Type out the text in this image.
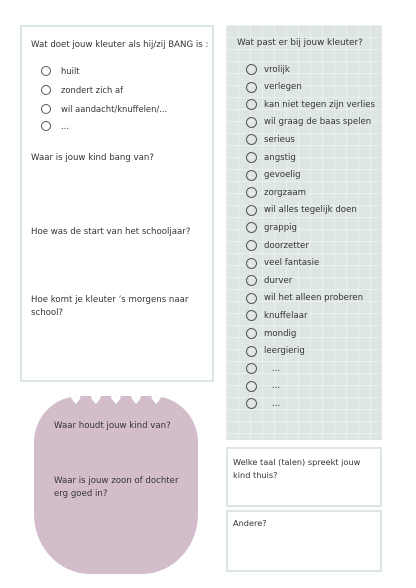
Wat doet jouw kleuter als hij/zij BANG is :
huilt
zondert zich af
wil aandacht/knuffelen/...
...
Waar is jouw kind bang van?
Hoe was de start van het schooljaar?
Hoe komt je kleuter ’s morgens naar
school?
Wat past er bij jouw kleuter?
vrolijk
verlegen
kan niet tegen zijn verlies
wil graag de baas spelen
serieus
angstig
gevoelig
zorgzaam
wil alles tegelijk doen
grappig
doorzetter
veel fantasie
durver
wil het alleen proberen
knuffelaar
mondig
leergierig
...
...
...
♥ ♥ ♥ ♥ ♥
Waar houdt jouw kind van?
Waar is jouw zoon of dochter
erg goed in?
Welke taal (talen) spreekt jouw
kind thuis?
Andere?
